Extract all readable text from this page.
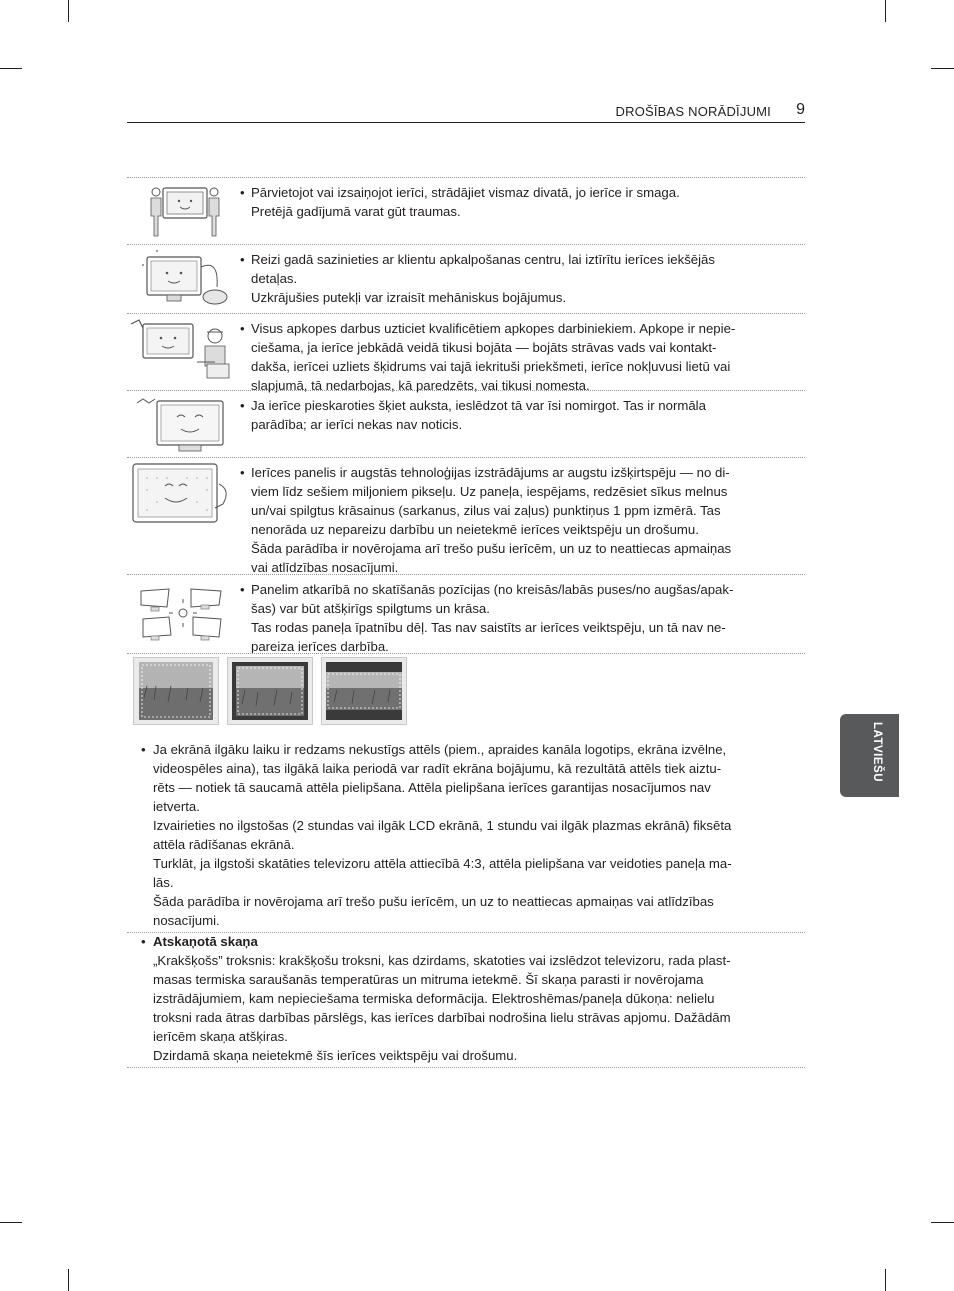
DROŠĪBAS NORĀDĪJUMI 9
LATVIEŠU
• Pārvietojot vai izsaiņojot ierīci, strādājiet vismaz divatā, jo ierīce ir smaga.
Pretējā gadījumā varat gūt traumas.
• Reizi gadā sazinieties ar klientu apkalpošanas centru, lai iztīrītu ierīces iekšējās
detaļas.
Uzkrājušies putekļi var izraisīt mehāniskus bojājumus.
• Visus apkopes darbus uzticiet kvalificētiem apkopes darbiniekiem. Apkope ir nepie-
ciešama, ja ierīce jebkādā veidā tikusi bojāta — bojāts strāvas vads vai kontakt-
dakša, ierīcei uzliets šķidrums vai tajā iekrituši priekšmeti, ierīce nokļuvusi lietū vai
slapjumā, tā nedarbojas, kā paredzēts, vai tikusi nomesta.
• Ja ierīce pieskaroties šķiet auksta, ieslēdzot tā var īsi nomirgot. Tas ir normāla
parādība; ar ierīci nekas nav noticis.
• Ierīces panelis ir augstās tehnoloģijas izstrādājums ar augstu izšķirtspēju — no di-
viem līdz sešiem miljoniem pikseļu. Uz paneļa, iespējams, redzēsiet sīkus melnus
un/vai spilgtus krāsainus (sarkanus, zilus vai zaļus) punktiņus 1 ppm izmērā. Tas
nenorāda uz nepareizu darbību un neietekmē ierīces veiktspēju un drošumu.
Šāda parādība ir novērojama arī trešo pušu ierīcēm, un uz to neattiecas apmaiņas
vai atlīdzības nosacījumi.
• Panelim atkarībā no skatīšanās pozīcijas (no kreisās/labās puses/no augšas/apak-
šas) var būt atšķirīgs spilgtums un krāsa.
Tas rodas paneļa īpatnību dēļ. Tas nav saistīts ar ierīces veiktspēju, un tā nav ne-
pareiza ierīces darbība.
• Ja ekrānā ilgāku laiku ir redzams nekustīgs attēls (piem., apraides kanāla logotips, ekrāna izvēlne,
videospēles aina), tas ilgākā laika periodā var radīt ekrāna bojājumu, kā rezultātā attēls tiek aiztu-
rēts — notiek tā saucamā attēla pielipšana. Attēla pielipšana ierīces garantijas nosacījumos nav
ietverta.
Izvairieties no ilgstošas (2 stundas vai ilgāk LCD ekrānā, 1 stundu vai ilgāk plazmas ekrānā) fiksēta
attēla rādīšanas ekrānā.
Turklāt, ja ilgstoši skatāties televizoru attēla attiecībā 4:3, attēla pielipšana var veidoties paneļa ma-
lās.
Šāda parādība ir novērojama arī trešo pušu ierīcēm, un uz to neattiecas apmaiņas vai atlīdzības
nosacījumi.
• Atskaņotā skaņa
„Krakšķošs” troksnis: krakšķošu troksni, kas dzirdams, skatoties vai izslēdzot televizoru, rada plast-
masas termiska saraušanās temperatūras un mitruma ietekmē. Šī skaņa parasti ir novērojama
izstrādājumiem, kam nepieciešama termiska deformācija. Elektroshēmas/paneļa dūkoņa: nelielu
troksni rada ātras darbības pārslēgs, kas ierīces darbībai nodrošina lielu strāvas apjomu. Dažādām
ierīcēm skaņa atšķiras.
Dzirdamā skaņa neietekmē šīs ierīces veiktspēju vai drošumu.
